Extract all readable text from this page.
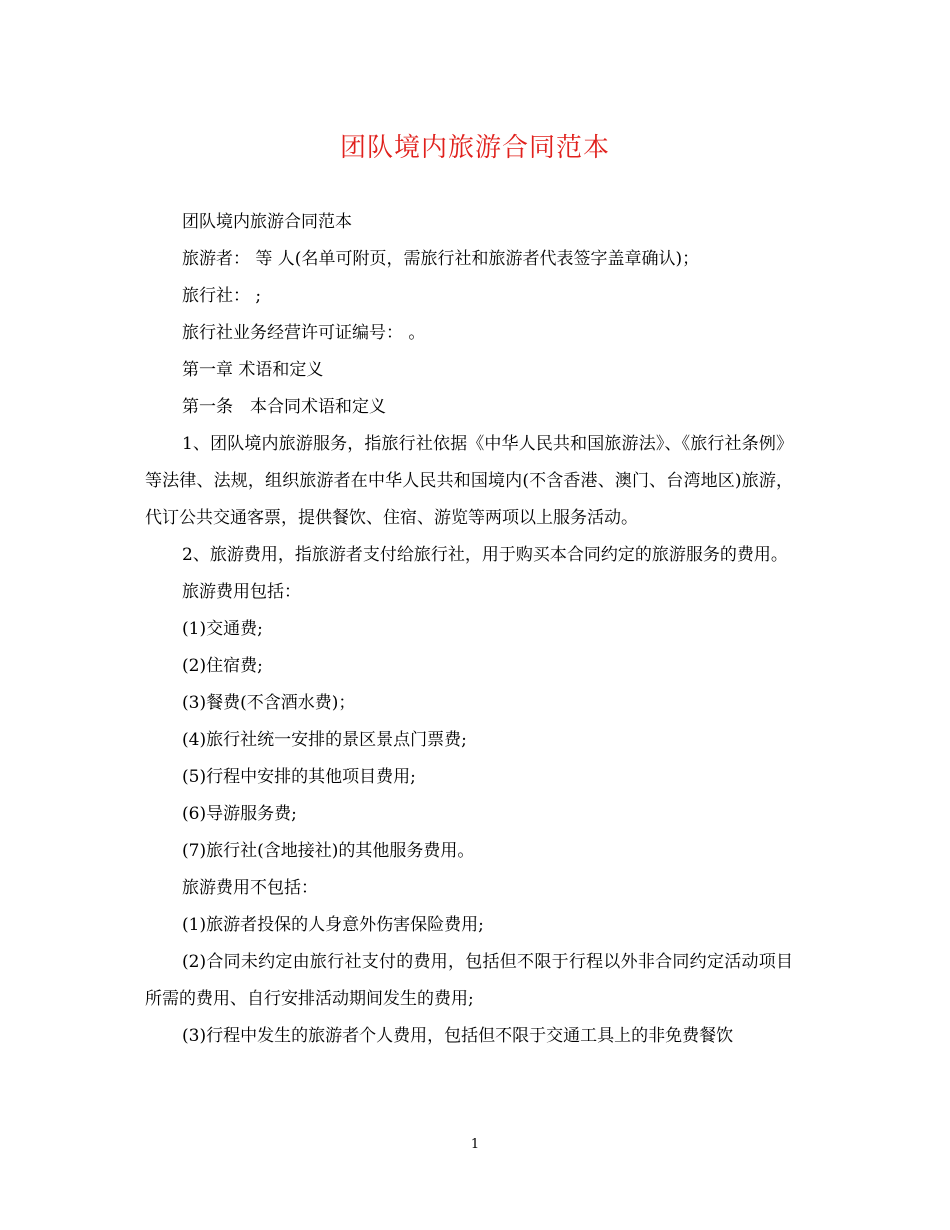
团队境内旅游合同范本

团队境内旅游合同范本

旅游者： 等 人(名单可附页，需旅行社和旅游者代表签字盖章确认)；

旅行社： ;

旅行社业务经营许可证编号： 。

第一章 术语和定义

第一条　本合同术语和定义

1、团队境内旅游服务，指旅行社依据《中华人民共和国旅游法》、《旅行社条例》等法律、法规，组织旅游者在中华人民共和国境内(不含香港、澳门、台湾地区)旅游，代订公共交通客票，提供餐饮、住宿、游览等两项以上服务活动。

2、旅游费用，指旅游者支付给旅行社，用于购买本合同约定的旅游服务的费用。

旅游费用包括：

(1)交通费;

(2)住宿费;

(3)餐费(不含酒水费)；

(4)旅行社统一安排的景区景点门票费;

(5)行程中安排的其他项目费用;

(6)导游服务费;

(7)旅行社(含地接社)的其他服务费用。

旅游费用不包括：

(1)旅游者投保的人身意外伤害保险费用;

(2)合同未约定由旅行社支付的费用，包括但不限于行程以外非合同约定活动项目所需的费用、自行安排活动期间发生的费用;

(3)行程中发生的旅游者个人费用，包括但不限于交通工具上的非免费餐饮

1
